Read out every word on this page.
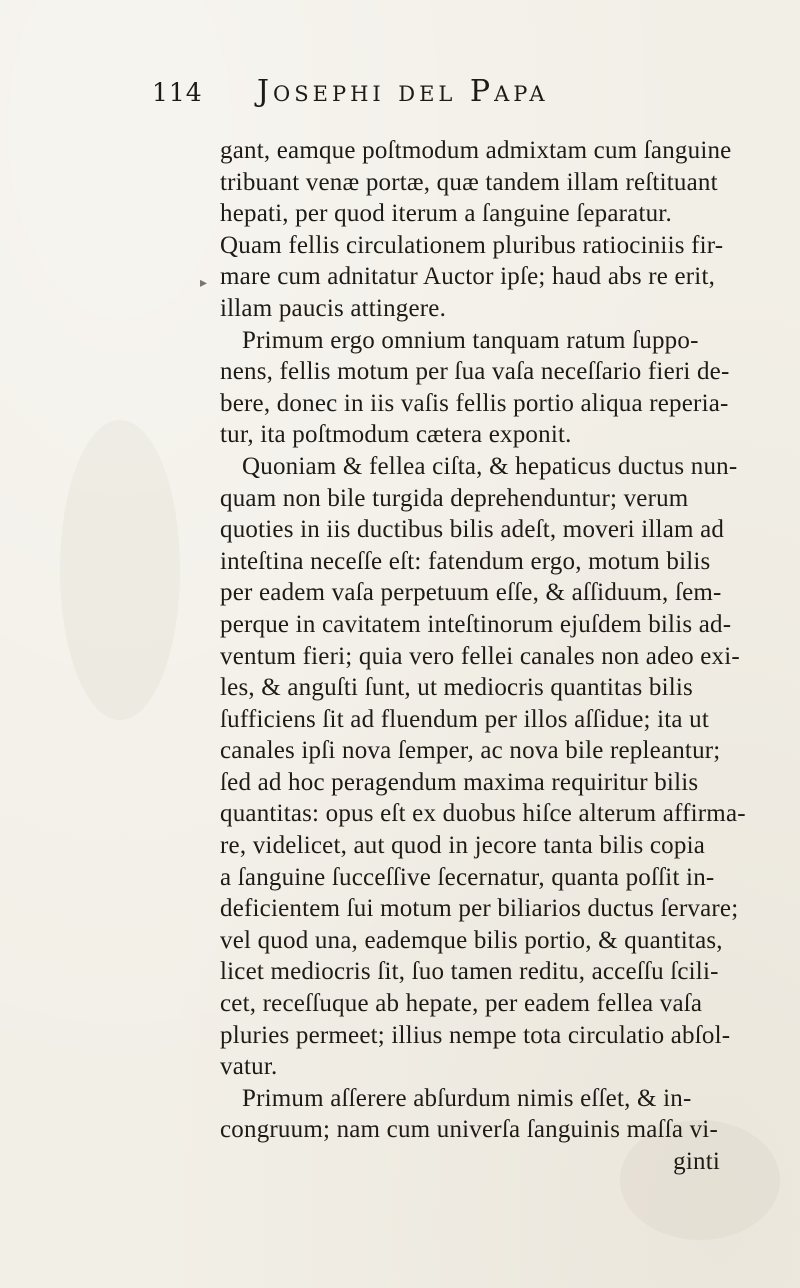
114 Josephi del Papa
▸
gant, eamque poſtmodum admixtam cum ſanguine
tribuant venæ portæ, quæ tandem illam reſtituant
hepati, per quod iterum a ſanguine ſeparatur.
Quam fellis circulationem pluribus ratiociniis fir-
mare cum adnitatur Auctor ipſe; haud abs re erit,
illam paucis attingere.
Primum ergo omnium tanquam ratum ſuppo-
nens, fellis motum per ſua vaſa neceſſario fieri de-
bere, donec in iis vaſis fellis portio aliqua reperia-
tur, ita poſtmodum cætera exponit.
Quoniam & fellea ciſta, & hepaticus ductus nun-
quam non bile turgida deprehenduntur; verum
quoties in iis ductibus bilis adeſt, moveri illam ad
inteſtina neceſſe eſt: fatendum ergo, motum bilis
per eadem vaſa perpetuum eſſe, & aſſiduum, ſem-
perque in cavitatem inteſtinorum ejuſdem bilis ad-
ventum fieri; quia vero fellei canales non adeo exi-
les, & anguſti ſunt, ut mediocris quantitas bilis
ſufficiens ſit ad fluendum per illos aſſidue; ita ut
canales ipſi nova ſemper, ac nova bile repleantur;
ſed ad hoc peragendum maxima requiritur bilis
quantitas: opus eſt ex duobus hiſce alterum affirma-
re, videlicet, aut quod in jecore tanta bilis copia
a ſanguine ſucceſſive ſecernatur, quanta poſſit in-
deficientem ſui motum per biliarios ductus ſervare;
vel quod una, eademque bilis portio, & quantitas,
licet mediocris ſit, ſuo tamen reditu, acceſſu ſcili-
cet, receſſuque ab hepate, per eadem fellea vaſa
pluries permeet; illius nempe tota circulatio abſol-
vatur.
Primum aſſerere abſurdum nimis eſſet, & in-
congruum; nam cum univerſa ſanguinis maſſa vi-
ginti
